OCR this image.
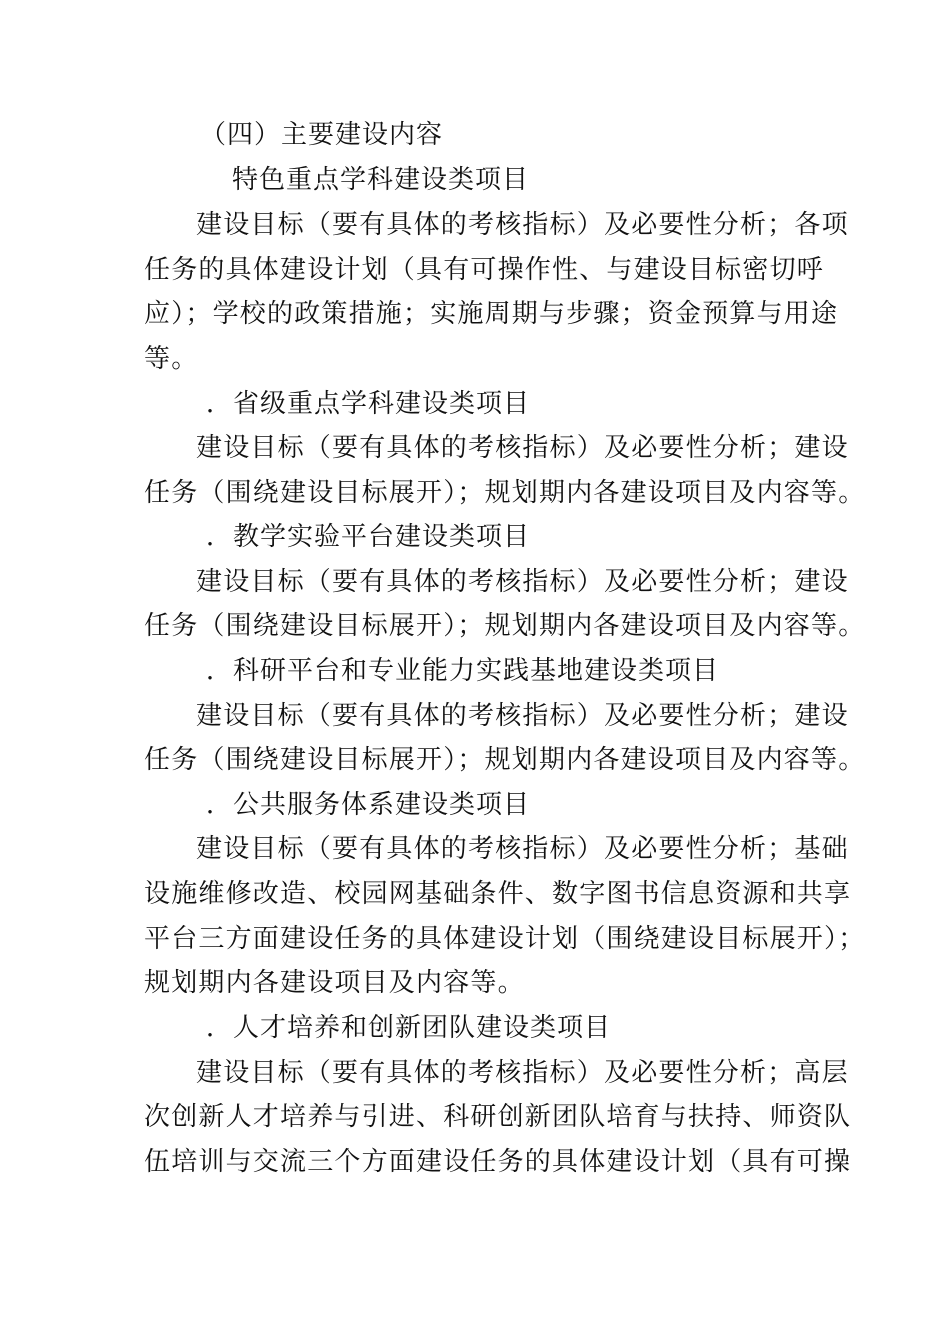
（四）主要建设内容
特色重点学科建设类项目
建设目标（要有具体的考核指标）及必要性分析；各项
任务的具体建设计划（具有可操作性、与建设目标密切呼
应）；学校的政策措施；实施周期与步骤；资金预算与用途
等。
．省级重点学科建设类项目
建设目标（要有具体的考核指标）及必要性分析；建设
任务（围绕建设目标展开）；规划期内各建设项目及内容等。
．教学实验平台建设类项目
建设目标（要有具体的考核指标）及必要性分析；建设
任务（围绕建设目标展开）；规划期内各建设项目及内容等。
．科研平台和专业能力实践基地建设类项目
建设目标（要有具体的考核指标）及必要性分析；建设
任务（围绕建设目标展开）；规划期内各建设项目及内容等。
．公共服务体系建设类项目
建设目标（要有具体的考核指标）及必要性分析；基础
设施维修改造、校园网基础条件、数字图书信息资源和共享
平台三方面建设任务的具体建设计划（围绕建设目标展开）；
规划期内各建设项目及内容等。
．人才培养和创新团队建设类项目
建设目标（要有具体的考核指标）及必要性分析；高层
次创新人才培养与引进、科研创新团队培育与扶持、师资队
伍培训与交流三个方面建设任务的具体建设计划（具有可操
